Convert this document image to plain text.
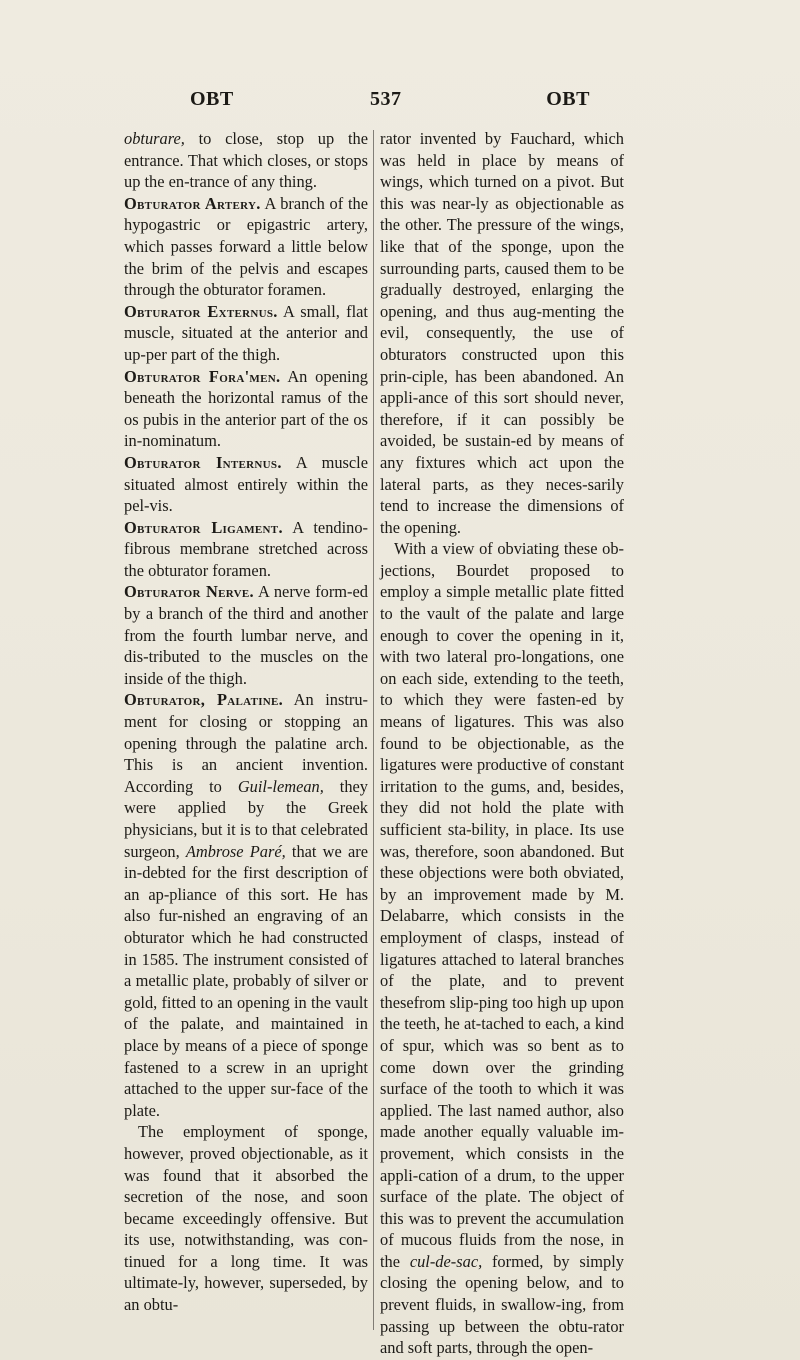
OBT	537	OBT

obturare, to close, stop up the entrance. That which closes, or stops up the en-trance of any thing.

Obturator Artery. A branch of the hypogastric or epigastric artery, which passes forward a little below the brim of the pelvis and escapes through the obturator foramen.

Obturator Externus. A small, flat muscle, situated at the anterior and up-per part of the thigh.

Obturator Fora'men. An opening beneath the horizontal ramus of the os pubis in the anterior part of the os in-nominatum.

Obturator Internus. A muscle situated almost entirely within the pel-vis.

Obturator Ligament. A tendino-fibrous membrane stretched across the obturator foramen.

Obturator Nerve. A nerve form-ed by a branch of the third and another from the fourth lumbar nerve, and dis-tributed to the muscles on the inside of the thigh.

Obturator, Palatine. An instru-ment for closing or stopping an opening through the palatine arch. This is an ancient invention. According to Guil-lemean, they were applied by the Greek physicians, but it is to that celebrated surgeon, Ambrose Paré, that we are in-debted for the first description of an ap-pliance of this sort. He has also fur-nished an engraving of an obturator which he had constructed in 1585. The instrument consisted of a metallic plate, probably of silver or gold, fitted to an opening in the vault of the palate, and maintained in place by means of a piece of sponge fastened to a screw in an upright attached to the upper sur-face of the plate.

The employment of sponge, however, proved objectionable, as it was found that it absorbed the secretion of the nose, and soon became exceedingly offensive. But its use, notwithstanding, was con-tinued for a long time. It was ultimate-ly, however, superseded, by an obtu-

rator invented by Fauchard, which was held in place by means of wings, which turned on a pivot. But this was near-ly as objectionable as the other. The pressure of the wings, like that of the sponge, upon the surrounding parts, caused them to be gradually destroyed, enlarging the opening, and thus aug-menting the evil, consequently, the use of obturators constructed upon this prin-ciple, has been abandoned. An appli-ance of this sort should never, therefore, if it can possibly be avoided, be sustain-ed by means of any fixtures which act upon the lateral parts, as they neces-sarily tend to increase the dimensions of the opening.

With a view of obviating these ob-jections, Bourdet proposed to employ a simple metallic plate fitted to the vault of the palate and large enough to cover the opening in it, with two lateral pro-longations, one on each side, extending to the teeth, to which they were fasten-ed by means of ligatures. This was also found to be objectionable, as the ligatures were productive of constant irritation to the gums, and, besides, they did not hold the plate with sufficient sta-bility, in place. Its use was, therefore, soon abandoned. But these objections were both obviated, by an improvement made by M. Delabarre, which consists in the employment of clasps, instead of ligatures attached to lateral branches of the plate, and to prevent thesefrom slip-ping too high up upon the teeth, he at-tached to each, a kind of spur, which was so bent as to come down over the grinding surface of the tooth to which it was applied. The last named author, also made another equally valuable im-provement, which consists in the appli-cation of a drum, to the upper surface of the plate. The object of this was to prevent the accumulation of mucous fluids from the nose, in the cul-de-sac, formed, by simply closing the opening below, and to prevent fluids, in swallow-ing, from passing up between the obtu-rator and soft parts, through the open-
